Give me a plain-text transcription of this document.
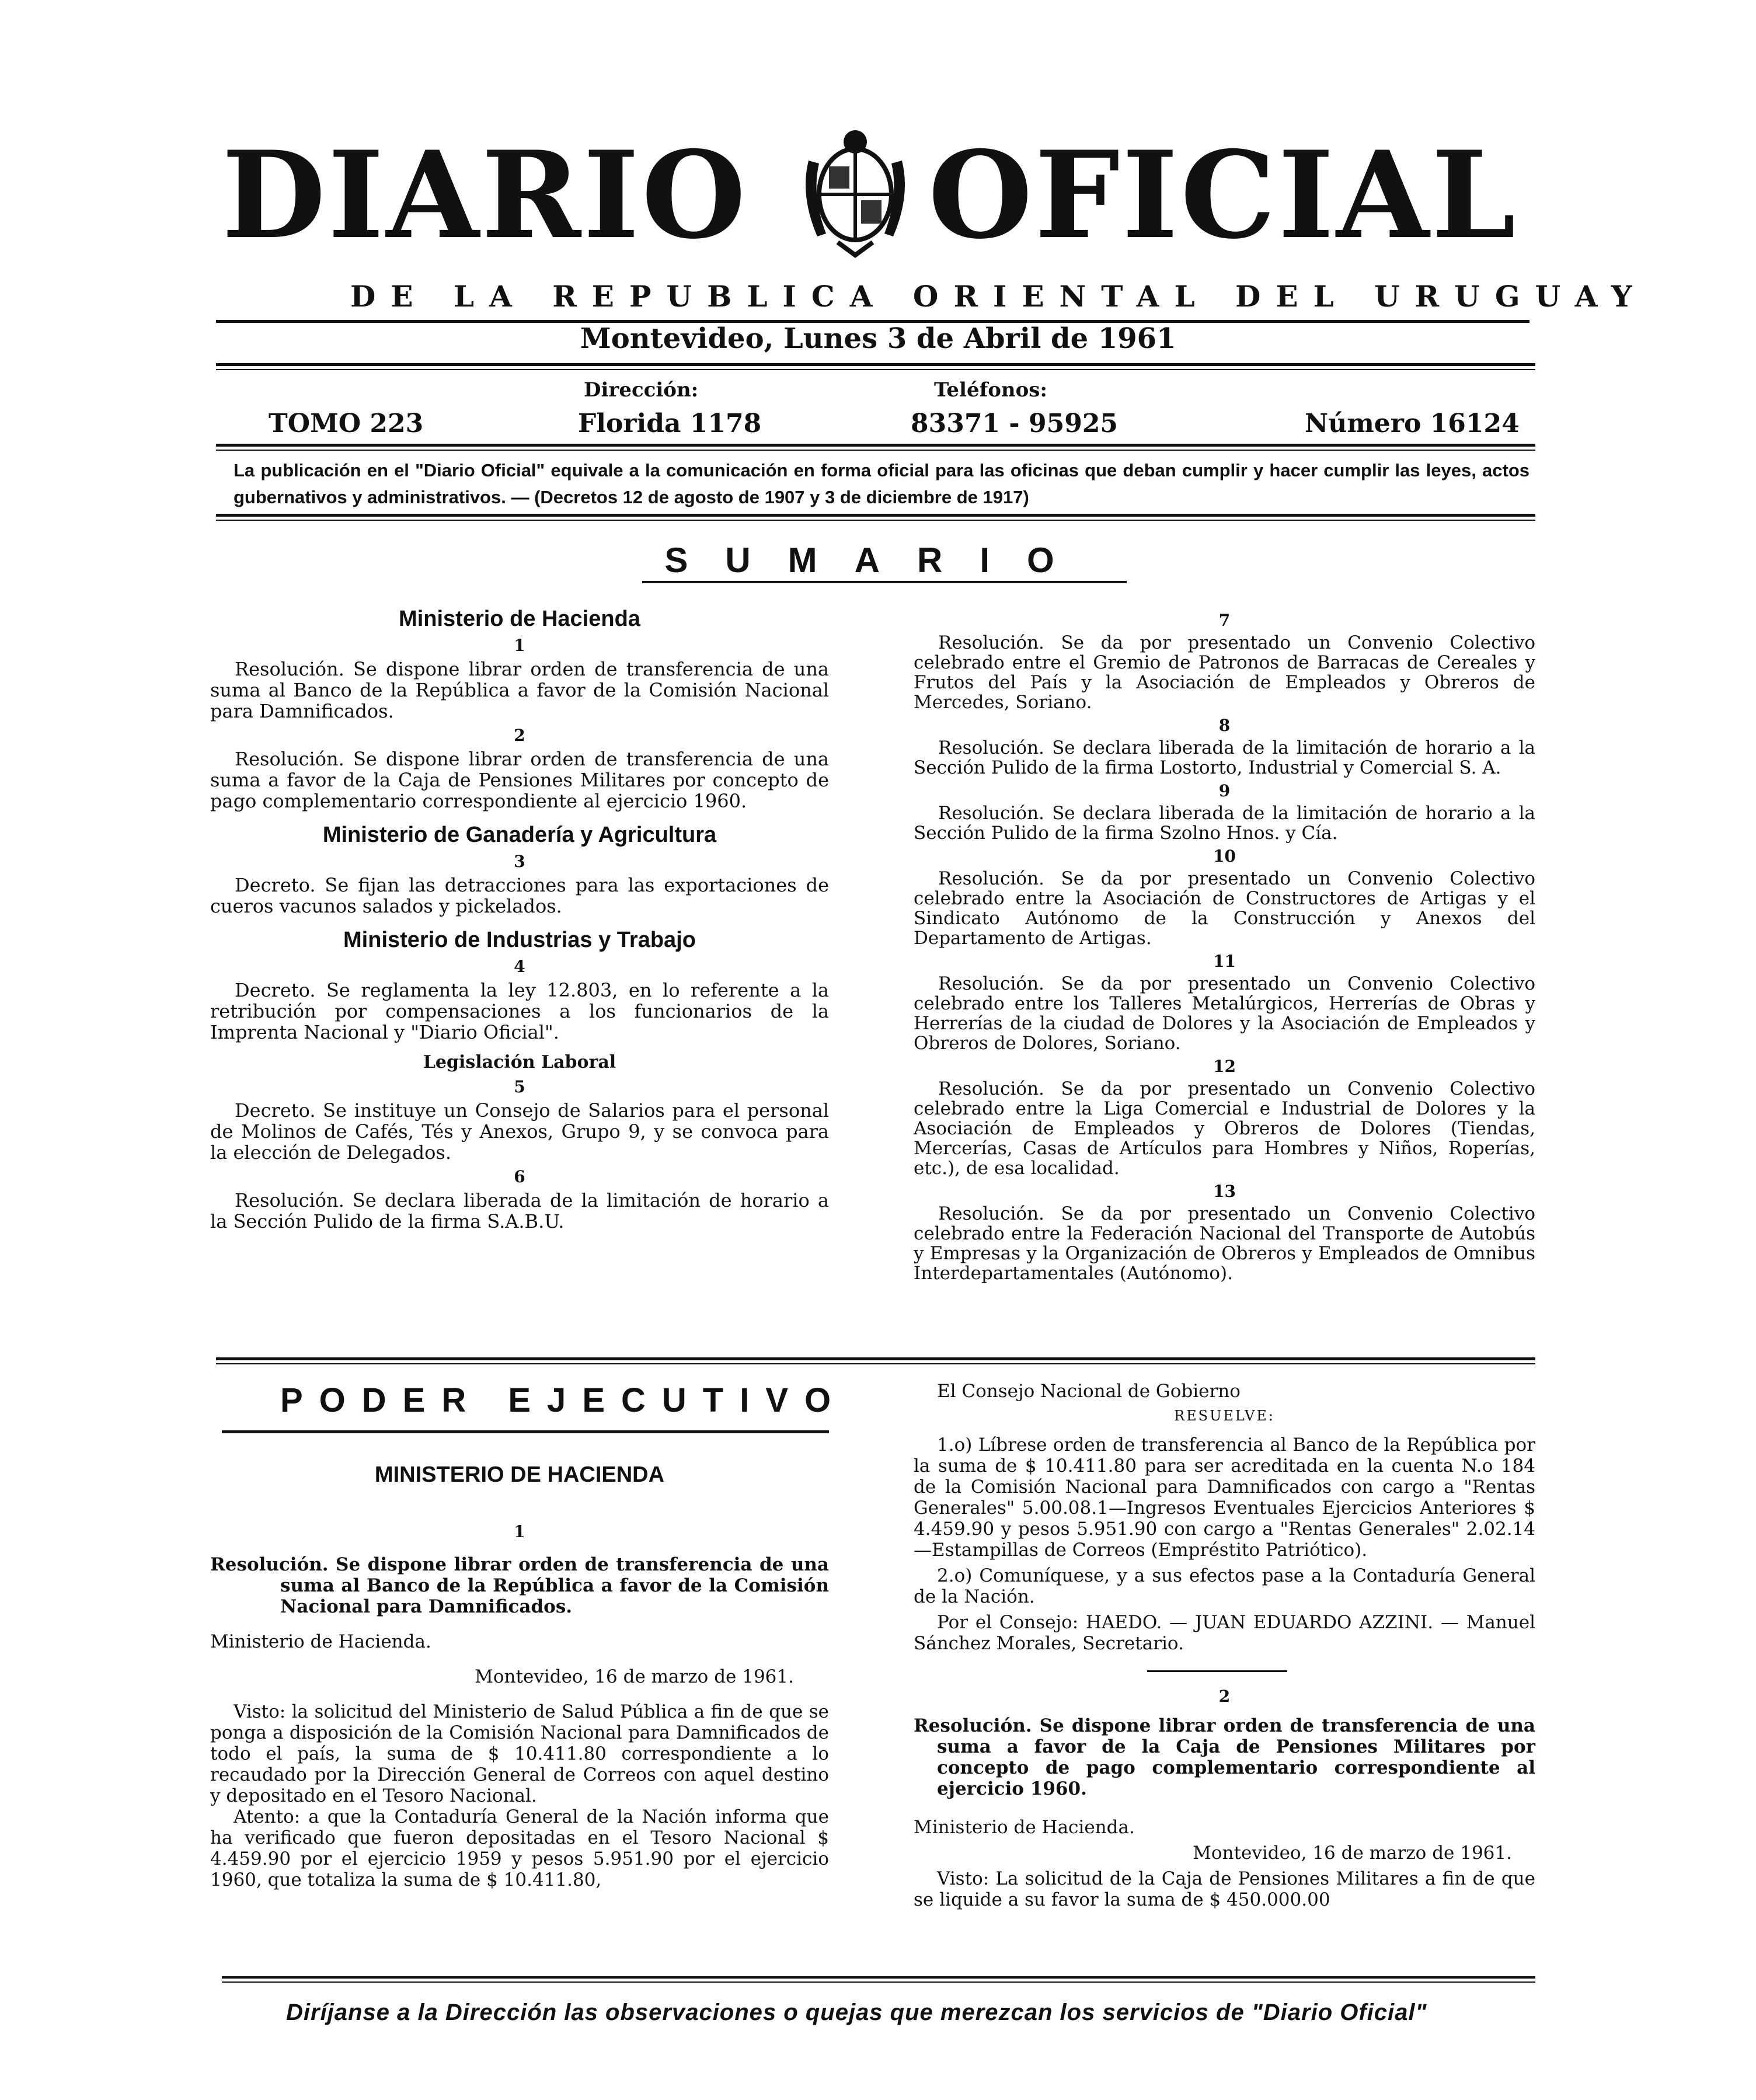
DIARIO OFICIAL
DE LA REPUBLICA ORIENTAL DEL URUGUAY
Montevideo, Lunes 3 de Abril de 1961
Dirección:	Teléfonos:
TOMO 223	Florida 1178	83371 - 95925	Número 16124
La publicación en el "Diario Oficial" equivale a la comunicación en forma oficial para las oficinas que deban cumplir y hacer cumplir las leyes, actos gubernativos y administrativos. — (Decretos 12 de agosto de 1907 y 3 de diciembre de 1917)
SUMARIO
Ministerio de Hacienda
1

Resolución. Se dispone librar orden de transferencia de una suma al Banco de la República a favor de la Comisión Nacional para Damnificados.

2

Resolución. Se dispone librar orden de transferencia de una suma a favor de la Caja de Pensiones Militares por concepto de pago complementario correspondiente al ejercicio 1960.

Ministerio de Ganadería y Agricultura
3

Decreto. Se fijan las detracciones para las exportaciones de cueros vacunos salados y pickelados.

Ministerio de Industrias y Trabajo
4

Decreto. Se reglamenta la ley 12.803, en lo referente a la retribución por compensaciones a los funcionarios de la Imprenta Nacional y "Diario Oficial".

Legislación Laboral
5

Decreto. Se instituye un Consejo de Salarios para el personal de Molinos de Cafés, Tés y Anexos, Grupo 9, y se convoca para la elección de Delegados.

6

Resolución. Se declara liberada de la limitación de horario a la Sección Pulido de la firma S.A.B.U.

7

Resolución. Se da por presentado un Convenio Colectivo celebrado entre el Gremio de Patronos de Barracas de Cereales y Frutos del País y la Asociación de Empleados y Obreros de Mercedes, Soriano.

8

Resolución. Se declara liberada de la limitación de horario a la Sección Pulido de la firma Lostorto, Industrial y Comercial S. A.

9

Resolución. Se declara liberada de la limitación de horario a la Sección Pulido de la firma Szolno Hnos. y Cía.

10

Resolución. Se da por presentado un Convenio Colectivo celebrado entre la Asociación de Constructores de Artigas y el Sindicato Autónomo de la Construcción y Anexos del Departamento de Artigas.

11

Resolución. Se da por presentado un Convenio Colectivo celebrado entre los Talleres Metalúrgicos, Herrerías de Obras y Herrerías de la ciudad de Dolores y la Asociación de Empleados y Obreros de Dolores, Soriano.

12

Resolución. Se da por presentado un Convenio Colectivo celebrado entre la Liga Comercial e Industrial de Dolores y la Asociación de Empleados y Obreros de Dolores (Tiendas, Mercerías, Casas de Artículos para Hombres y Niños, Roperías, etc.), de esa localidad.

13

Resolución. Se da por presentado un Convenio Colectivo celebrado entre la Federación Nacional del Transporte de Autobús y Empresas y la Organización de Obreros y Empleados de Omnibus Interdepartamentales (Autónomo).

PODER EJECUTIVO
MINISTERIO DE HACIENDA
1

Resolución. Se dispone librar orden de transferencia de una suma al Banco de la República a favor de la Comisión Nacional para Damnificados.

Ministerio de Hacienda.

Montevideo, 16 de marzo de 1961.

Visto: la solicitud del Ministerio de Salud Pública a fin de que se ponga a disposición de la Comisión Nacional para Damnificados de todo el país, la suma de $ 10.411.80 correspondiente a lo recaudado por la Dirección General de Correos con aquel destino y depositado en el Tesoro Nacional.

Atento: a que la Contaduría General de la Nación informa que ha verificado que fueron depositadas en el Tesoro Nacional $ 4.459.90 por el ejercicio 1959 y pesos 5.951.90 por el ejercicio 1960, que totaliza la suma de $ 10.411.80,

El Consejo Nacional de Gobierno

RESUELVE:

1.o) Líbrese orden de transferencia al Banco de la República por la suma de $ 10.411.80 para ser acreditada en la cuenta N.o 184 de la Comisión Nacional para Damnificados con cargo a "Rentas Generales" 5.00.08.1—Ingresos Eventuales Ejercicios Anteriores $ 4.459.90 y pesos 5.951.90 con cargo a "Rentas Generales" 2.02.14—Estampillas de Correos (Empréstito Patriótico).

2.o) Comuníquese, y a sus efectos pase a la Contaduría General de la Nación.

Por el Consejo: HAEDO. — JUAN EDUARDO AZZINI. — Manuel Sánchez Morales, Secretario.

2

Resolución. Se dispone librar orden de transferencia de una suma a favor de la Caja de Pensiones Militares por concepto de pago complementario correspondiente al ejercicio 1960.

Ministerio de Hacienda.

Montevideo, 16 de marzo de 1961.

Visto: La solicitud de la Caja de Pensiones Militares a fin de que se liquide a su favor la suma de $ 450.000.00

Diríjanse a la Dirección las observaciones o quejas que merezcan los servicios de "Diario Oficial"
